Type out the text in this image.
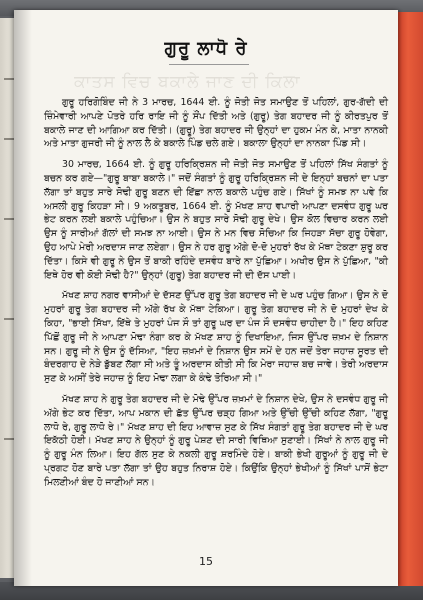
ਕਾਤਸ ਵਿਚ ਬਕਾਲੇ ਜਾਣ ਦੀ ਕਿਲਾ
ਗੁਰੂ ਲਾਧੋ ਰੇ

ਗੁਰੂ ਹਰਿਗੋਬਿੰਦ ਜੀ ਨੇ 3 ਮਾਰਚ, 1644 ਈ. ਨੂੰ ਜੋਤੀ ਜੋਤ ਸਮਾਉਣ ਤੋਂ ਪਹਿਲਾਂ, ਗੁਰ-ਗੱਦੀ ਦੀ ਜ਼ਿੰਮੇਵਾਰੀ ਆਪਣੇ ਪੋਤਰੇ ਹਰਿ ਰਾਇ ਜੀ ਨੂੰ ਸੌਂਪ ਦਿੱਤੀ ਅਤੇ (ਗੁਰੂ) ਤੇਗ ਬਹਾਦਰ ਜੀ ਨੂੰ ਕੀਰਤਪੁਰ ਤੋਂ ਬਕਾਲੇ ਜਾਣ ਦੀ ਆਗਿਆ ਕਰ ਦਿੱਤੀ। (ਗੁਰੂ) ਤੇਗ ਬਹਾਦਰ ਜੀ ਉਨ੍ਹਾਂ ਦਾ ਹੁਕਮ ਮੰਨ ਕੇ, ਮਾਤਾ ਨਾਨਕੀ ਅਤੇ ਮਾਤਾ ਗੁਜਰੀ ਜੀ ਨੂੰ ਨਾਲ ਲੈ ਕੇ ਬਕਾਲੇ ਪਿੰਡ ਚਲੇ ਗਏ। ਬਕਾਲਾ ਉਨ੍ਹਾਂ ਦਾ ਨਾਨਕਾ ਪਿੰਡ ਸੀ।

30 ਮਾਰਚ, 1664 ਈ. ਨੂੰ ਗੁਰੂ ਹਰਿਕ੍ਰਿਸ਼ਨ ਜੀ ਜੋਤੀ ਜੋਤ ਸਮਾਉਣ ਤੋਂ ਪਹਿਲਾਂ ਸਿੱਖ ਸੰਗਤਾਂ ਨੂੰ ਬਚਨ ਕਰ ਗਏ—"ਗੁਰੂ ਬਾਬਾ ਬਕਾਲੇ।" ਜਦੋਂ ਸੰਗਤਾਂ ਨੂੰ ਗੁਰੂ ਹਰਿਕ੍ਰਿਸ਼ਨ ਜੀ ਦੇ ਇਨ੍ਹਾਂ ਬਚਨਾਂ ਦਾ ਪਤਾ ਲੱਗਾ ਤਾਂ ਬਹੁਤ ਸਾਰੇ ਸੋਢੀ ਗੁਰੂ ਬਣਨ ਦੀ ਇੱਛਾ ਨਾਲ ਬਕਾਲੇ ਪਹੁੰਚ ਗਏ। ਸਿੱਖਾਂ ਨੂੰ ਸਮਝ ਨਾ ਪਵੇ ਕਿ ਅਸਲੀ ਗੁਰੂ ਕਿਹੜਾ ਸੀ। 9 ਅਕਤੂਬਰ, 1664 ਈ. ਨੂੰ ਮੱਖਣ ਸ਼ਾਹ ਵਪਾਰੀ ਆਪਣਾ ਦਸਵੰਧ ਗੁਰੂ ਘਰ ਭੇਟ ਕਰਨ ਲਈ ਬਕਾਲੇ ਪਹੁੰਚਿਆ। ਉਸ ਨੇ ਬਹੁਤ ਸਾਰੇ ਸੋਢੀ ਗੁਰੂ ਦੇਖੇ। ਉਸ ਕੋਲ ਵਿਚਾਰ ਕਰਨ ਲਈ ਉਸ ਨੂੰ ਸਾਰੀਆਂ ਗੱਲਾਂ ਦੀ ਸਮਝ ਨਾ ਆਈ। ਉਸ ਨੇ ਮਨ ਵਿਚ ਸੋਚਿਆ ਕਿ ਜਿਹੜਾ ਸੱਚਾ ਗੁਰੂ ਹੋਵੇਗਾ, ਉਹ ਆਪੇ ਮੇਰੀ ਅਰਦਾਸ ਜਾਣ ਲਏਗਾ। ਉਸ ਨੇ ਹਰ ਗੁਰੂ ਅੱਗੇ ਦੋ-ਦੋ ਮੁਹਰਾਂ ਰੱਖ ਕੇ ਮੱਥਾ ਟੇਕਣਾ ਸ਼ੁਰੂ ਕਰ ਦਿੱਤਾ। ਕਿਸੇ ਵੀ ਗੁਰੂ ਨੇ ਉਸ ਤੋਂ ਬਾਕੀ ਰਹਿੰਦੇ ਦਸਵੰਧ ਬਾਰੇ ਨਾ ਪੁੱਛਿਆ। ਅਖੀਰ ਉਸ ਨੇ ਪੁੱਛਿਆ, "ਕੀ ਇਥੇ ਹੋਰ ਵੀ ਕੋਈ ਸੋਢੀ ਹੈ?" ਉਨ੍ਹਾਂ (ਗੁਰੂ) ਤੇਗ ਬਹਾਦਰ ਜੀ ਦੀ ਦੱਸ ਪਾਈ।

ਮੱਖਣ ਸ਼ਾਹ ਨਗਰ ਵਾਸੀਆਂ ਦੇ ਦੱਸਣ ਉੱਪਰ ਗੁਰੂ ਤੇਗ ਬਹਾਦਰ ਜੀ ਦੇ ਘਰ ਪਹੁੰਚ ਗਿਆ। ਉਸ ਨੇ ਦੋ ਮੁਹਰਾਂ ਗੁਰੂ ਤੇਗ ਬਹਾਦਰ ਜੀ ਅੱਗੇ ਰੱਖ ਕੇ ਮੱਥਾ ਟੇਕਿਆ। ਗੁਰੂ ਤੇਗ ਬਹਾਦਰ ਜੀ ਨੇ ਦੋ ਮੁਹਰਾਂ ਦੇਖ ਕੇ ਕਿਹਾ, "ਭਾਈ ਸਿੱਖਾ, ਇੱਥੇ ਤੇ ਮੁਹਰਾਂ ਪੰਜ ਸੌ ਤਾਂ ਗੁਰੂ ਘਰ ਦਾ ਪੰਜ ਸੌ ਦਸਵੰਧ ਚਾਹੀਦਾ ਹੈ।" ਇਹ ਕਹਿਣ ਪਿੱਛੋਂ ਗੁਰੂ ਜੀ ਨੇ ਆਪਣਾ ਮੋਢਾ ਨੰਗਾ ਕਰ ਕੇ ਮੱਖਣ ਸ਼ਾਹ ਨੂੰ ਦਿਖਾਇਆ, ਜਿਸ ਉੱਪਰ ਜ਼ਖ਼ਮ ਦੇ ਨਿਸ਼ਾਨ ਸਨ। ਗੁਰੂ ਜੀ ਨੇ ਉਸ ਨੂੰ ਦੱਸਿਆ, "ਇਹ ਜ਼ਖ਼ਮਾਂ ਦੇ ਨਿਸ਼ਾਨ ਉਸ ਸਮੇਂ ਦੇ ਹਨ ਜਦੋਂ ਤੇਰਾ ਜਹਾਜ਼ ਸੂਰਤ ਦੀ ਬੰਦਰਗਾਹ ਦੇ ਨੇੜੇ ਡੁੱਬਣ ਲੱਗਾ ਸੀ ਅਤੇ ਤੂੰ ਅਰਦਾਸ ਕੀਤੀ ਸੀ ਕਿ ਮੇਰਾ ਜਹਾਜ਼ ਬਚ ਜਾਵੇ। ਤੇਰੀ ਅਰਦਾਸ ਸੁਣ ਕੇ ਅਸੀਂ ਤੇਰੇ ਜਹਾਜ਼ ਨੂੰ ਇਹ ਮੋਢਾ ਲਗਾ ਕੇ ਕੰਢੇ ਤੋਰਿਆ ਸੀ।"

ਮੱਖਣ ਸ਼ਾਹ ਨੇ ਗੁਰੂ ਤੇਗ ਬਹਾਦਰ ਜੀ ਦੇ ਮੋਢੇ ਉੱਪਰ ਜ਼ਖ਼ਮਾਂ ਦੇ ਨਿਸ਼ਾਨ ਦੇਖੇ, ਉਸ ਨੇ ਦਸਵੰਧ ਗੁਰੂ ਜੀ ਅੱਗੇ ਭੇਟ ਕਰ ਦਿੱਤਾ, ਆਪ ਮਕਾਨ ਦੀ ਛੱਤ ਉੱਪਰ ਚੜ੍ਹ ਗਿਆ ਅਤੇ ਉੱਚੀ ਉੱਚੀ ਕਹਿਣ ਲੱਗਾ, "ਗੁਰੂ ਲਾਧੋ ਰੇ, ਗੁਰੂ ਲਾਧੋ ਰੇ।" ਮੱਖਣ ਸ਼ਾਹ ਦੀ ਇਹ ਆਵਾਜ਼ ਸੁਣ ਕੇ ਸਿੱਖ ਸੰਗਤਾਂ ਗੁਰੂ ਤੇਗ ਬਹਾਦਰ ਜੀ ਦੇ ਘਰ ਇਕੱਠੀ ਹੋਈ। ਮੱਖਣ ਸ਼ਾਹ ਨੇ ਉਨ੍ਹਾਂ ਨੂੰ ਗੁਰੂ ਪੇਸ਼ਣ ਦੀ ਸਾਰੀ ਵਿਥਿਆ ਸੁਣਾਈ। ਸਿੱਖਾਂ ਨੇ ਨਾਲ ਗੁਰੂ ਜੀ ਨੂੰ ਗੁਰੂ ਮੰਨ ਲਿਆ। ਇਹ ਗੱਲ ਸੁਣ ਕੇ ਨਕਲੀ ਗੁਰੂ ਸ਼ਰਮਿੰਦੇ ਹੋਏ। ਬਾਕੀ ਭੇਖੀ ਗੁਰੂਆਂ ਨੂੰ ਗੁਰੂ ਜੀ ਦੇ ਪ੍ਰਗਟ ਹੋਣ ਬਾਰੇ ਪਤਾ ਲੱਗਾ ਤਾਂ ਉਹ ਬਹੁਤ ਨਿਰਾਸ਼ ਹੋਏ। ਕਿਉਂਕਿ ਉਨ੍ਹਾਂ ਭੇਖੀਆਂ ਨੂੰ ਸਿੱਖਾਂ ਪਾਸੋਂ ਭੇਟਾ ਮਿਲਣੀਆਂ ਬੰਦ ਹੋ ਜਾਣੀਆਂ ਸਨ।

15
